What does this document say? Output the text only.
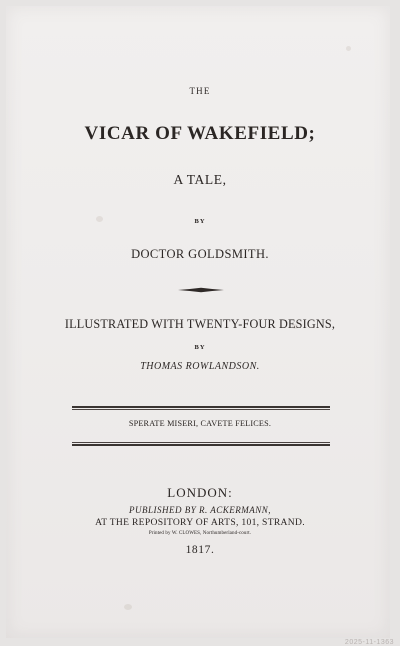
THE
VICAR OF WAKEFIELD;
A TALE,
BY
DOCTOR GOLDSMITH.
ILLUSTRATED WITH TWENTY-FOUR DESIGNS,
BY
THOMAS ROWLANDSON.
SPERATE MISERI, CAVETE FELICES.
LONDON:
PUBLISHED BY R. ACKERMANN,
AT THE REPOSITORY OF ARTS, 101, STRAND.
Printed by W. CLOWES, Northumberland-court.
1817.
2025-11-1363
